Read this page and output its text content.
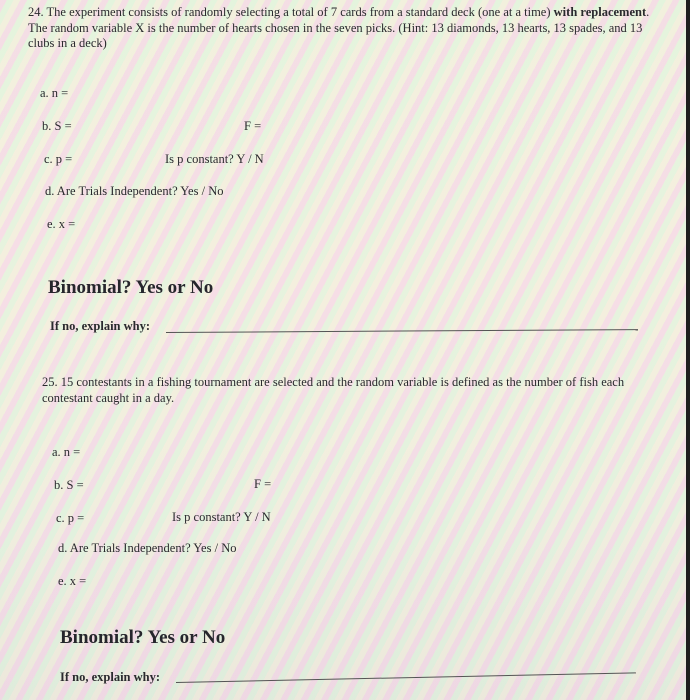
24. The experiment consists of randomly selecting a total of 7 cards from a standard deck (one at a time) with replacement. The random variable X is the number of hearts chosen in the seven picks. (Hint: 13 diamonds, 13 hearts, 13 spades, and 13 clubs in a deck)
a. n =
b. S =	F =
c. p =	Is p constant? Y / N
d. Are Trials Independent? Yes / No
e. x =
Binomial? Yes or No
If no, explain why:
25. 15 contestants in a fishing tournament are selected and the random variable is defined as the number of fish each contestant caught in a day.
a. n =
b. S =	F =
c. p =	Is p constant? Y / N
d. Are Trials Independent? Yes / No
e. x =
Binomial? Yes or No
If no, explain why:
